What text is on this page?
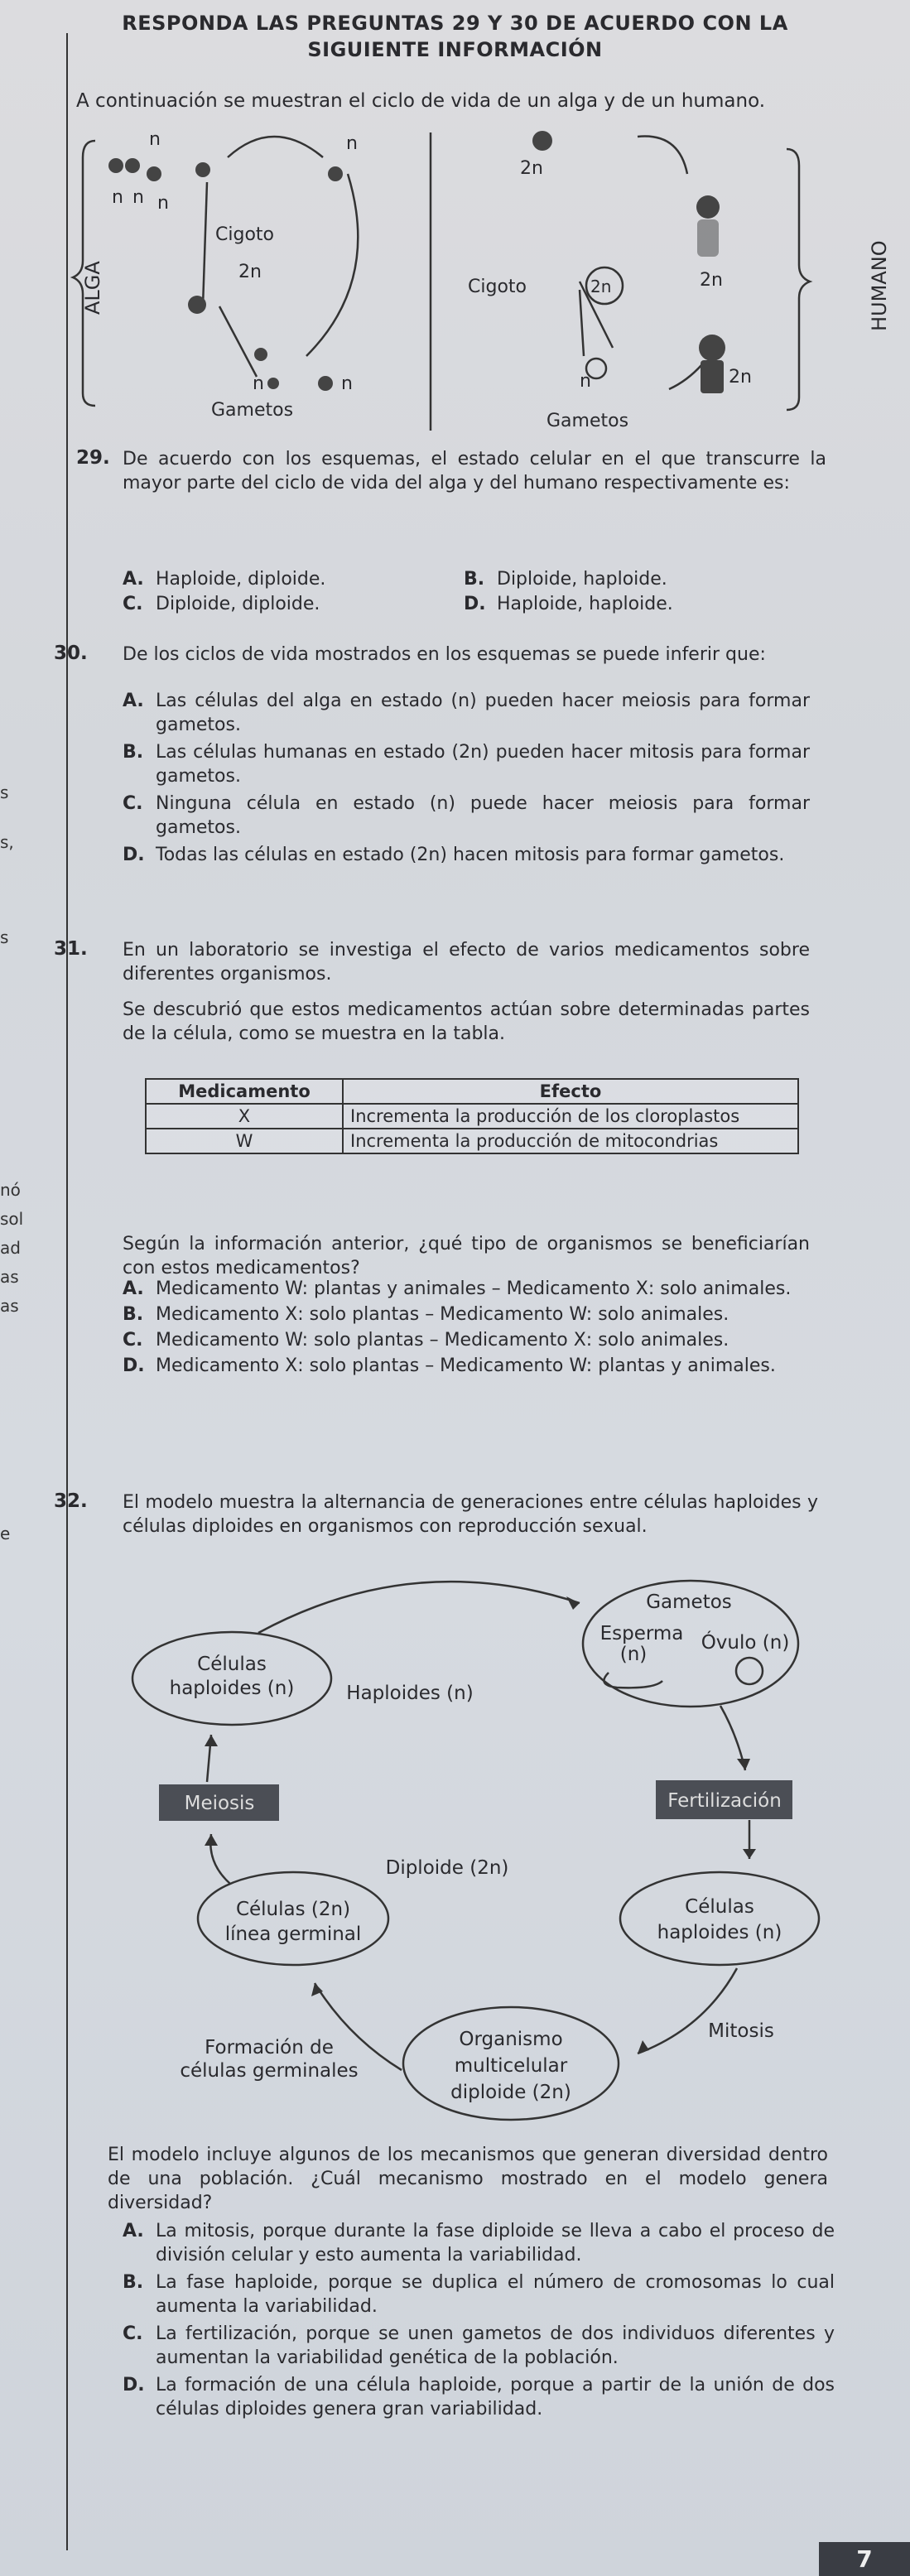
RESPONDA LAS PREGUNTAS 29 Y 30 DE ACUERDO CON LA
SIGUIENTE INFORMACIÓN
A continuación se muestran el ciclo de vida de un alga y de un humano.
n	n
n n n
Cigoto
2n
n	n
Gametos
ALGA
2n
Cigoto	2n	2n
n	2n
Gametos
HUMANO
29. De acuerdo con los esquemas, el estado celular en el que transcurre la mayor parte del ciclo de vida del alga y del humano respectivamente es:
A. Haploide, diploide.	B. Diploide, haploide.
C. Diploide, diploide.	D. Haploide, haploide.
30. De los ciclos de vida mostrados en los esquemas se puede inferir que:
A. Las células del alga en estado (n) pueden hacer meiosis para formar gametos.
B. Las células humanas en estado (2n) pueden hacer mitosis para formar gametos.
C. Ninguna célula en estado (n) puede hacer meiosis para formar gametos.
D. Todas las células en estado (2n) hacen mitosis para formar gametos.
31. En un laboratorio se investiga el efecto de varios medicamentos sobre diferentes organismos.
Se descubrió que estos medicamentos actúan sobre determinadas partes de la célula, como se muestra en la tabla.
Medicamento	Efecto
X	Incrementa la producción de los cloroplastos
W	Incrementa la producción de mitocondrias
Según la información anterior, ¿qué tipo de organismos se beneficiarían con estos medicamentos?
A. Medicamento W: plantas y animales – Medicamento X: solo animales.
B. Medicamento X: solo plantas – Medicamento W: solo animales.
C. Medicamento W: solo plantas – Medicamento X: solo animales.
D. Medicamento X: solo plantas – Medicamento W: plantas y animales.
32. El modelo muestra la alternancia de generaciones entre células haploides y células diploides en organismos con reproducción sexual.
Células
haploides (n)	Haploides (n)
Gametos
Esperma
(n)
Óvulo (n)
Meiosis	Fertilización
Diploide (2n)
Células (2n)
línea germinal
Células
haploides (n)
Formación de
células germinales
Organismo
multicelular
diploide (2n)
Mitosis
El modelo incluye algunos de los mecanismos que generan diversidad dentro de una población. ¿Cuál mecanismo mostrado en el modelo genera diversidad?
A. La mitosis, porque durante la fase diploide se lleva a cabo el proceso de división celular y esto aumenta la variabilidad.
B. La fase haploide, porque se duplica el número de cromosomas lo cual aumenta la variabilidad.
C. La fertilización, porque se unen gametos de dos individuos diferentes y aumentan la variabilidad genética de la población.
D. La formación de una célula haploide, porque a partir de la unión de dos células diploides genera gran variabilidad.
nó
sol
ad
as
as
e
s,
s
s
7
